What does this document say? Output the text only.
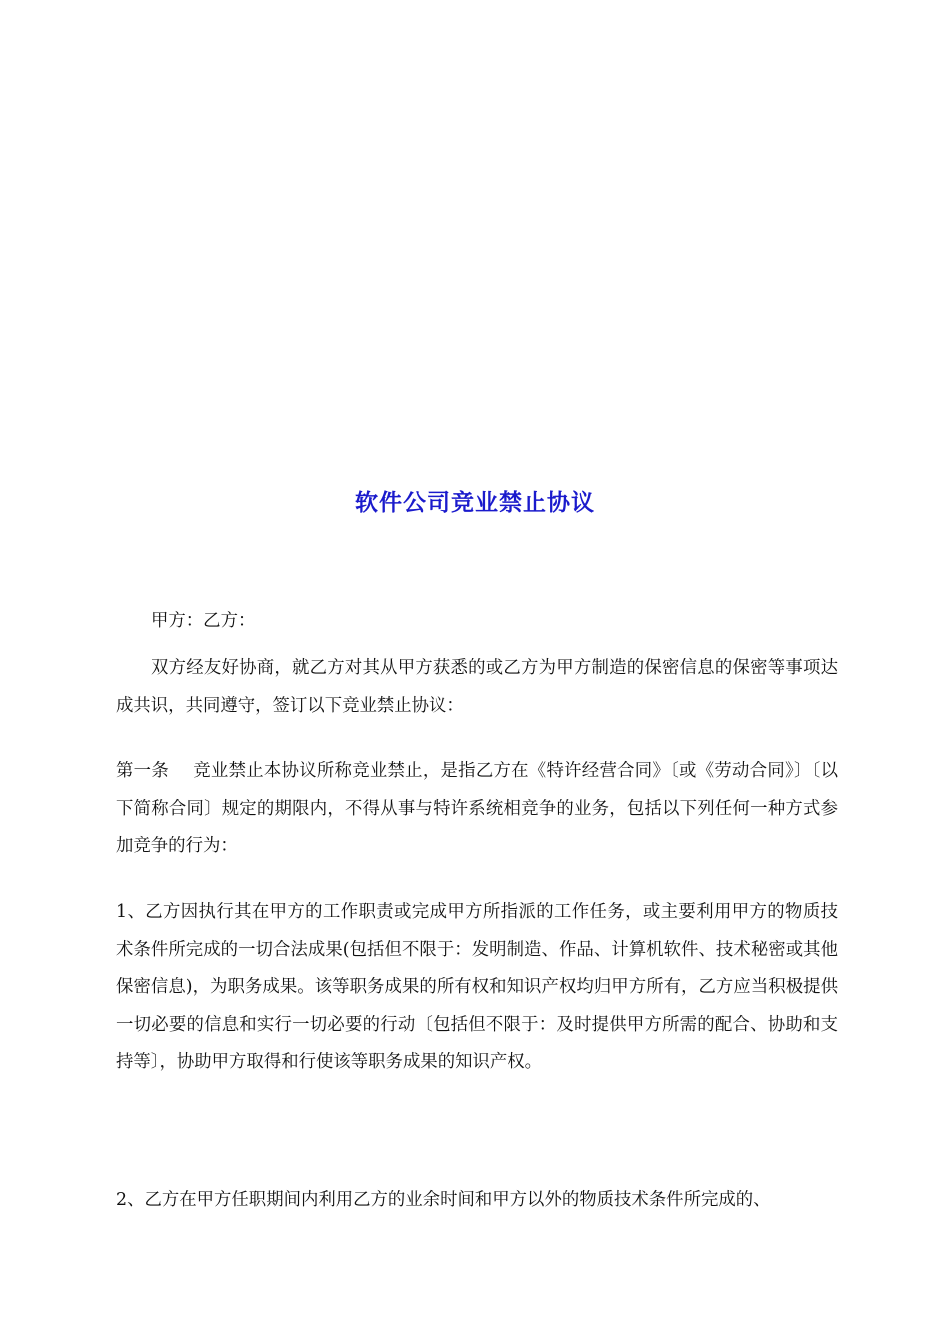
软件公司竞业禁止协议

甲方：乙方：

双方经友好协商，就乙方对其从甲方获悉的或乙方为甲方制造的保密信息的保密等事项达成共识，共同遵守，签订以下竞业禁止协议：

第一条 竞业禁止本协议所称竞业禁止，是指乙方在《特许经营合同》〔或《劳动合同》〕〔以下简称合同〕规定的期限内，不得从事与特许系统相竞争的业务，包括以下列任何一种方式参加竞争的行为：

1、乙方因执行其在甲方的工作职责或完成甲方所指派的工作任务，或主要利用甲方的物质技术条件所完成的一切合法成果(包括但不限于：发明制造、作品、计算机软件、技术秘密或其他保密信息)，为职务成果。该等职务成果的所有权和知识产权均归甲方所有，乙方应当积极提供一切必要的信息和实行一切必要的行动〔包括但不限于：及时提供甲方所需的配合、协助和支持等〕，协助甲方取得和行使该等职务成果的知识产权。

2、乙方在甲方任职期间内利用乙方的业余时间和甲方以外的物质技术条件所完成的、
